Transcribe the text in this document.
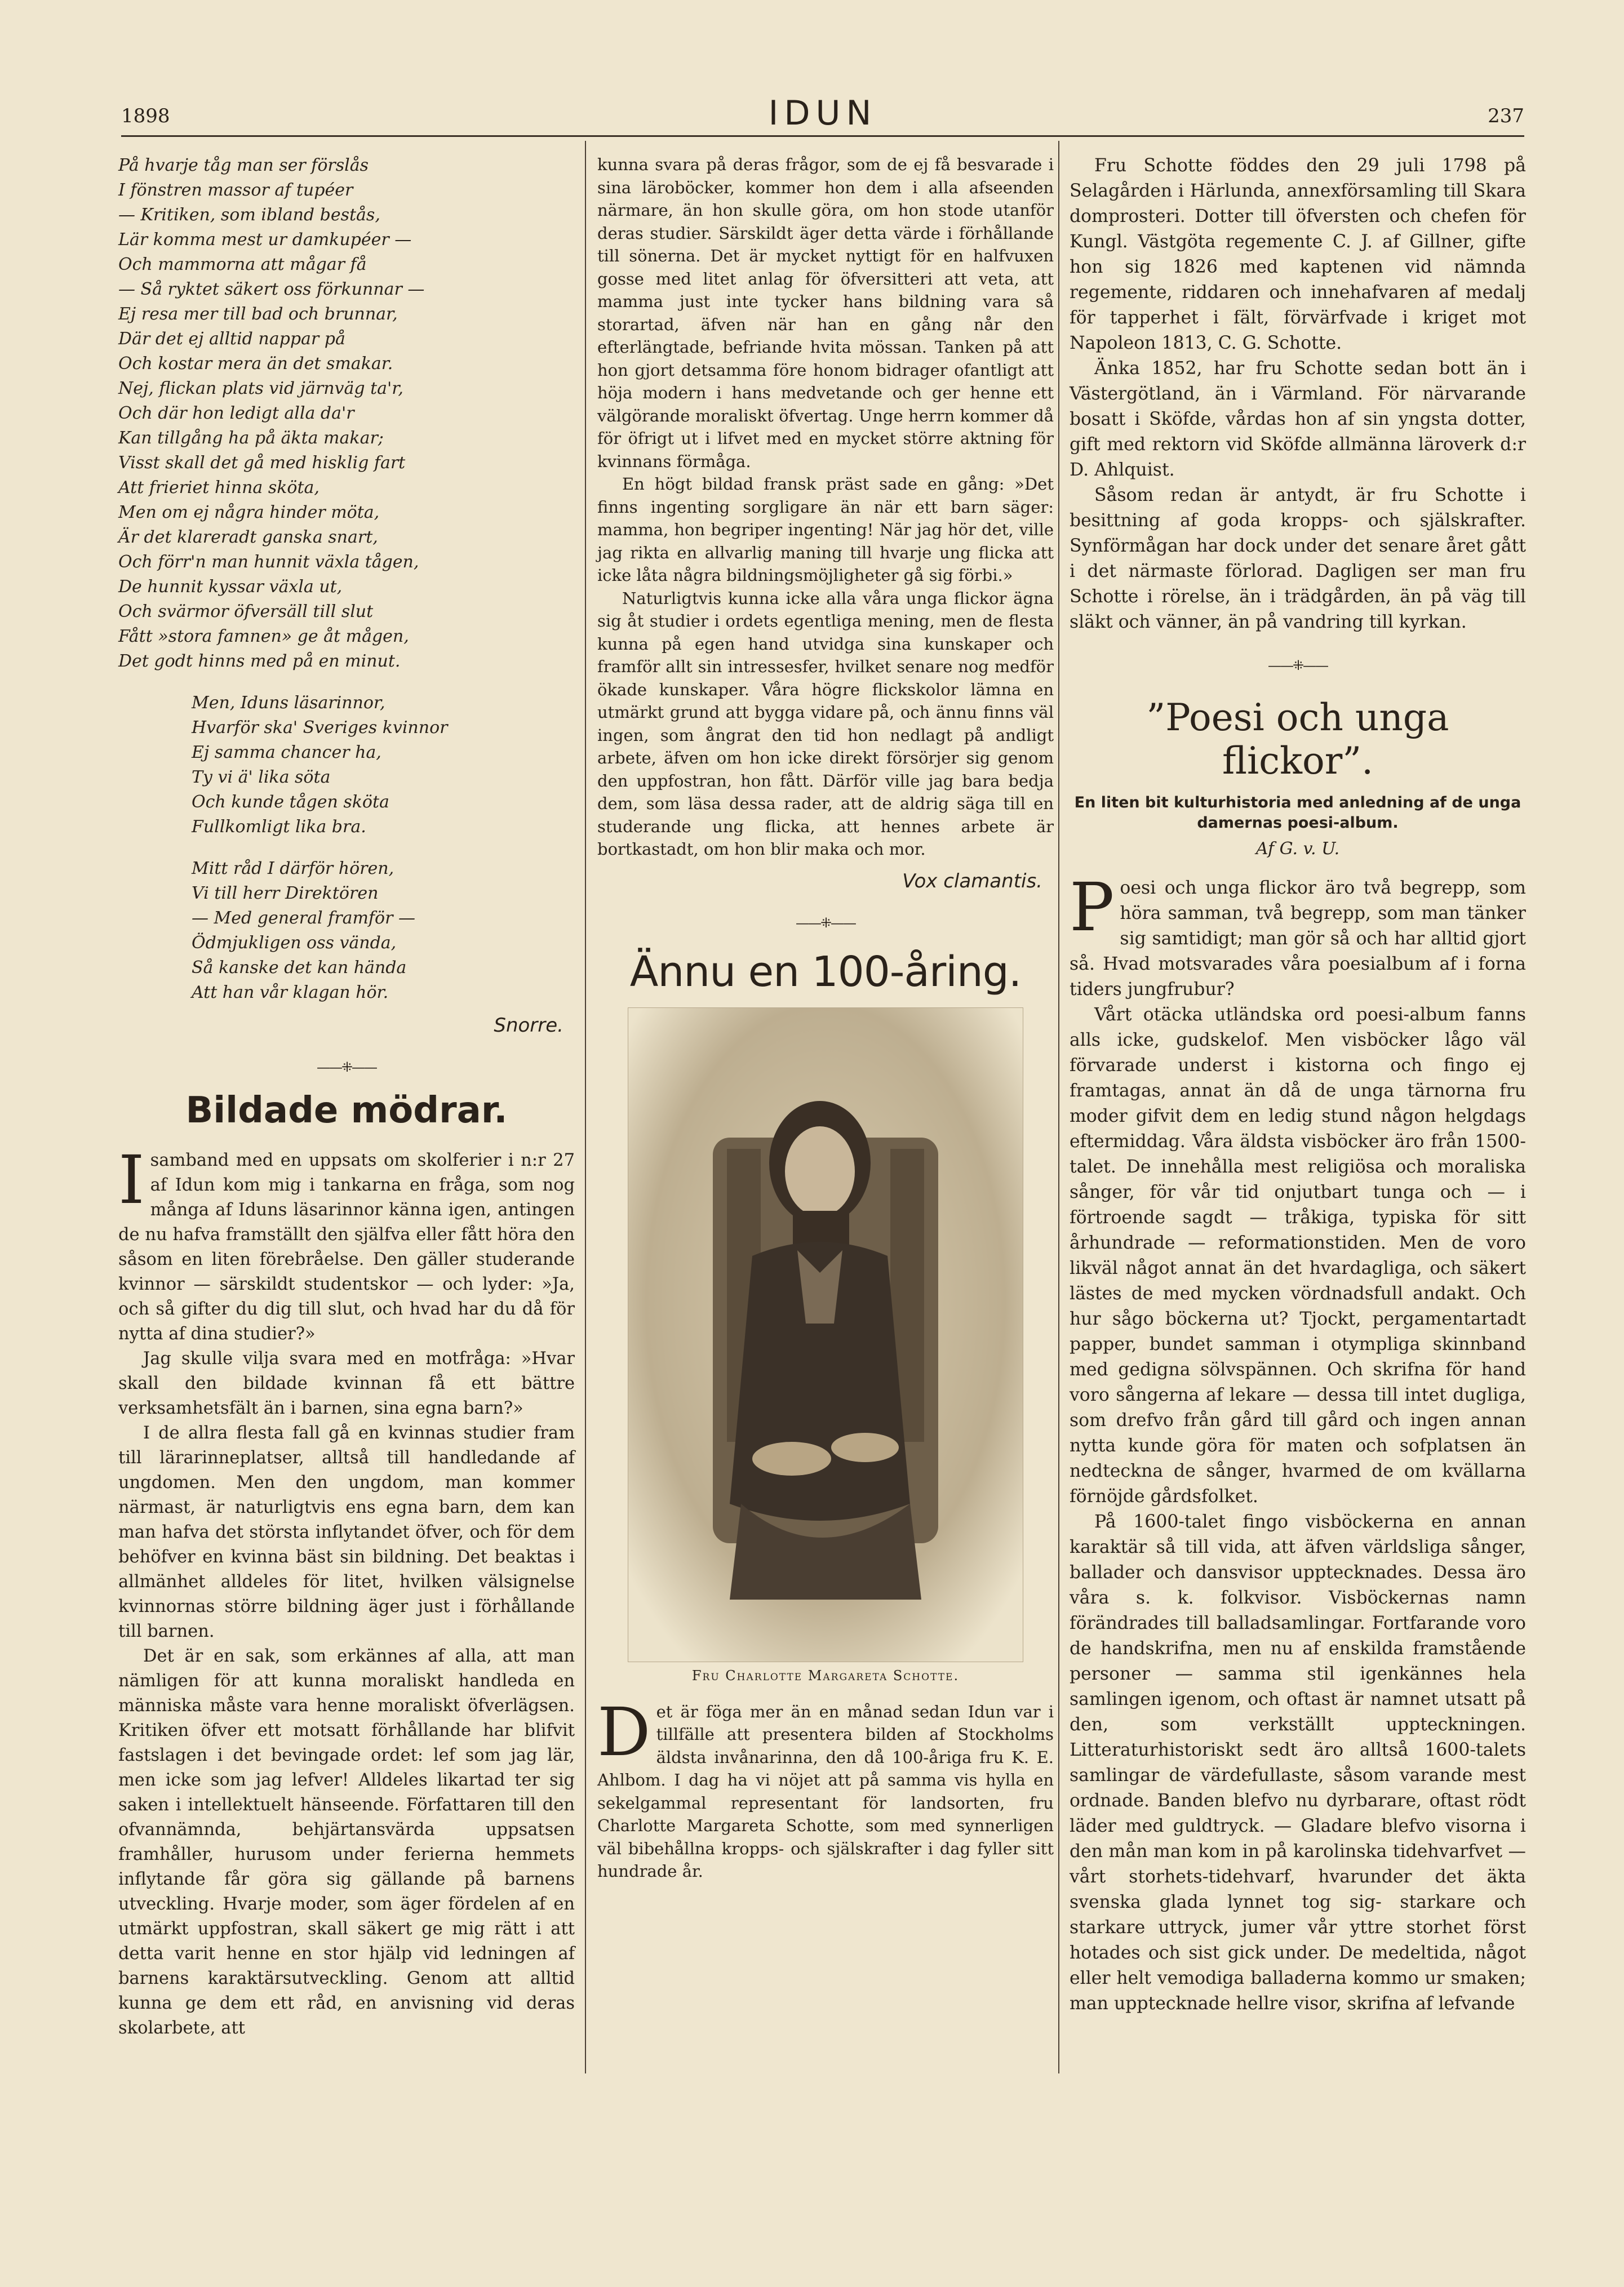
1898	IDUN	237

På hvarje tåg man ser förslås

I fönstren massor af tupéer

— Kritiken, som ibland bestås,

Lär komma mest ur damkupéer —

Och mammorna att mågar få

— Så ryktet säkert oss förkunnar —

Ej resa mer till bad och brunnar,

Där det ej alltid nappar på

Och kostar mera än det smakar.

Nej, flickan plats vid järnväg ta'r,

Och där hon ledigt alla da'r

Kan tillgång ha på äkta makar;

Visst skall det gå med hisklig fart

Att frieriet hinna sköta,

Men om ej några hinder möta,

Är det klareradt ganska snart,

Och förr'n man hunnit växla tågen,

De hunnit kyssar växla ut,

Och svärmor öfversäll till slut

Fått »stora famnen» ge åt mågen,

Det godt hinns med på en minut.

Men, Iduns läsarinnor,

Hvarför ska' Sveriges kvinnor

Ej samma chancer ha,

Ty vi ä' lika söta

Och kunde tågen sköta

Fullkomligt lika bra.

Mitt råd I därför hören,

Vi till herr Direktören

— Med general framför —

Ödmjukligen oss vända,

Så kanske det kan hända

Att han vår klagan hör.

Snorre.
——⁜——
Bildade mödrar.

Isamband med en uppsats om skolferier i n:r 27 af Idun kom mig i tankarna en fråga, som nog många af Iduns läsarinnor känna igen, antingen de nu hafva framställt den själfva eller fått höra den såsom en liten förebråelse. Den gäller studerande kvinnor — särskildt studentskor — och lyder: »Ja, och så gifter du dig till slut, och hvad har du då för nytta af dina studier?»

Jag skulle vilja svara med en motfråga: »Hvar skall den bildade kvinnan få ett bättre verksamhetsfält än i barnen, sina egna barn?»

I de allra flesta fall gå en kvinnas studier fram till lärarinneplatser, alltså till handledande af ungdomen. Men den ungdom, man kommer närmast, är naturligtvis ens egna barn, dem kan man hafva det största inflytandet öfver, och för dem behöfver en kvinna bäst sin bildning. Det beaktas i allmänhet alldeles för litet, hvilken välsignelse kvinnornas större bildning äger just i förhållande till barnen.

Det är en sak, som erkännes af alla, att man nämligen för att kunna moraliskt handleda en människa måste vara henne moraliskt öfverlägsen. Kritiken öfver ett motsatt förhållande har blifvit fastslagen i det bevingade ordet: lef som jag lär, men icke som jag lefver! Alldeles likartad ter sig saken i intellektuelt hänseende. Författaren till den ofvannämnda, behjärtansvärda uppsatsen framhåller, hurusom under ferierna hemmets inflytande får göra sig gällande på barnens utveckling. Hvarje moder, som äger fördelen af en utmärkt uppfostran, skall säkert ge mig rätt i att detta varit henne en stor hjälp vid ledningen af barnens karaktärsutveckling. Genom att alltid kunna ge dem ett råd, en anvisning vid deras skolarbete, att

kunna svara på deras frågor, som de ej få besvarade i sina läroböcker, kommer hon dem i alla afseenden närmare, än hon skulle göra, om hon stode utanför deras studier. Särskildt äger detta värde i förhållande till sönerna. Det är mycket nyttigt för en halfvuxen gosse med litet anlag för öfversitteri att veta, att mamma just inte tycker hans bildning vara så storartad, äfven när han en gång når den efterlängtade, befriande hvita mössan. Tanken på att hon gjort detsamma före honom bidrager ofantligt att höja modern i hans medvetande och ger henne ett välgörande moraliskt öfvertag. Unge herrn kommer då för öfrigt ut i lifvet med en mycket större aktning för kvinnans förmåga.

En högt bildad fransk präst sade en gång: »Det finns ingenting sorgligare än när ett barn säger: mamma, hon begriper ingenting! När jag hör det, ville jag rikta en allvarlig maning till hvarje ung flicka att icke låta några bildningsmöjligheter gå sig förbi.»

Naturligtvis kunna icke alla våra unga flickor ägna sig åt studier i ordets egentliga mening, men de flesta kunna på egen hand utvidga sina kunskaper och framför allt sin intressesfer, hvilket senare nog medför ökade kunskaper. Våra högre flickskolor lämna en utmärkt grund att bygga vidare på, och ännu finns väl ingen, som ångrat den tid hon nedlagt på andligt arbete, äfven om hon icke direkt försörjer sig genom den uppfostran, hon fått. Därför ville jag bara bedja dem, som läsa dessa rader, att de aldrig säga till en studerande ung flicka, att hennes arbete är bortkastadt, om hon blir maka och mor.

Vox clamantis.
——⁜——
Ännu en 100-åring.
Fru Charlotte Margareta Schotte.

Det är föga mer än en månad sedan Idun var i tillfälle att presentera bilden af Stockholms äldsta invånarinna, den då 100-åriga fru K. E. Ahlbom. I dag ha vi nöjet att på samma vis hylla en sekelgammal representant för landsorten, fru Charlotte Margareta Schotte, som med synnerligen väl bibehållna kropps- och själskrafter i dag fyller sitt hundrade år.

Fru Schotte föddes den 29 juli 1798 på Selagården i Härlunda, annexförsamling till Skara domprosteri. Dotter till öfversten och chefen för Kungl. Västgöta regemente C. J. af Gillner, gifte hon sig 1826 med kaptenen vid nämnda regemente, riddaren och innehafvaren af medalj för tapperhet i fält, förvärfvade i kriget mot Napoleon 1813, C. G. Schotte.

Änka 1852, har fru Schotte sedan bott än i Västergötland, än i Värmland. För närvarande bosatt i Sköfde, vårdas hon af sin yngsta dotter, gift med rektorn vid Sköfde allmänna läroverk d:r D. Ahlquist.

Såsom redan är antydt, är fru Schotte i besittning af goda kropps- och själskrafter. Synförmågan har dock under det senare året gått i det närmaste förlorad. Dagligen ser man fru Schotte i rörelse, än i trädgården, än på väg till släkt och vänner, än på vandring till kyrkan.

——⁜——
”Poesi och unga flickor”.
En liten bit kulturhistoria med anledning af de unga damernas poesi-album.
Af G. v. U.

Poesi och unga flickor äro två begrepp, som höra samman, två begrepp, som man tänker sig samtidigt; man gör så och har alltid gjort så. Hvad motsvarades våra poesialbum af i forna tiders jungfrubur?

Vårt otäcka utländska ord poesi-album fanns alls icke, gudskelof. Men visböcker lågo väl förvarade underst i kistorna och fingo ej framtagas, annat än då de unga tärnorna fru moder gifvit dem en ledig stund någon helgdags eftermiddag. Våra äldsta visböcker äro från 1500-talet. De innehålla mest religiösa och moraliska sånger, för vår tid onjutbart tunga och — i förtroende sagdt — tråkiga, typiska för sitt århundrade — reformationstiden. Men de voro likväl något annat än det hvardagliga, och säkert lästes de med mycken vördnadsfull andakt. Och hur sågo böckerna ut? Tjockt, pergamentartadt papper, bundet samman i otympliga skinnband med gedigna sölvspännen. Och skrifna för hand voro sångerna af lekare — dessa till intet dugliga, som drefvo från gård till gård och ingen annan nytta kunde göra för maten och sofplatsen än nedteckna de sånger, hvarmed de om kvällarna förnöjde gårdsfolket.

På 1600-talet fingo visböckerna en annan karaktär så till vida, att äfven världsliga sånger, ballader och dansvisor upptecknades. Dessa äro våra s. k. folkvisor. Visböckernas namn förändrades till balladsamlingar. Fortfarande voro de handskrifna, men nu af enskilda framstående personer — samma stil igenkännes hela samlingen igenom, och oftast är namnet utsatt på den, som verkställt uppteckningen. Litteraturhistoriskt sedt äro alltså 1600-talets samlingar de värdefullaste, såsom varande mest ordnade. Banden blefvo nu dyrbarare, oftast rödt läder med guldtryck. — Gladare blefvo visorna i den mån man kom in på karolinska tidehvarfvet — vårt storhets-tidehvarf, hvarunder det äkta svenska glada lynnet tog sig- starkare och starkare uttryck, jumer vår yttre storhet först hotades och sist gick under. De medeltida, något eller helt vemodiga balladerna kommo ur smaken; man upptecknade hellre visor, skrifna af lefvande
